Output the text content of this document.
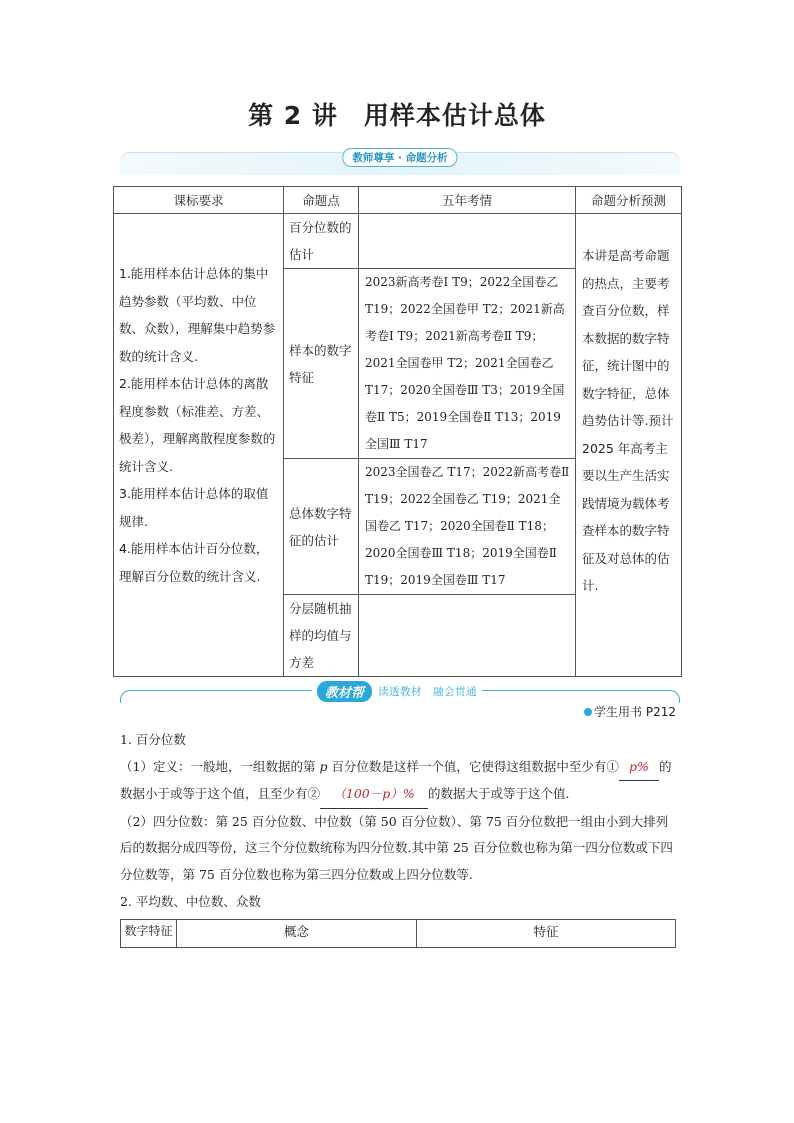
第 2 讲　用样本估计总体
教师尊享 · 命题分析
课标要求	命题点	五年考情	命题分析预测

1.能用样本估计总体的集中趋势参数（平均数、中位数、众数），理解集中趋势参数的统计含义.
2.能用样本估计总体的离散程度参数（标准差、方差、极差），理解离散程度参数的统计含义.
3.能用样本估计总体的取值规律.
4.能用样本估计百分位数，理解百分位数的统计含义.	百分位数的估计		本讲是高考命题的热点，主要考查百分位数，样本数据的数字特征，统计图中的数字特征，总体趋势估计等.预计 2025 年高考主要以生产生活实践情境为载体考查样本的数字特征及对总体的估计.
	样本的数字特征	2023新高考卷Ⅰ T9；2022全国卷乙 T19；2022全国卷甲 T2；2021新高考卷Ⅰ T9；2021新高考卷Ⅱ T9；2021全国卷甲 T2；2021全国卷乙 T17；2020全国卷Ⅲ T3；2019全国卷Ⅱ T5；2019全国卷Ⅱ T13；2019全国Ⅲ T17	
	总体数字特征的估计	2023全国卷乙 T17；2022新高考卷Ⅱ T19；2022全国卷乙 T19；2021全国卷乙 T17；2020全国卷Ⅱ T18；2020全国卷Ⅲ T18；2019全国卷Ⅱ T19；2019全国卷Ⅲ T17	
	分层随机抽样的均值与方差		
教材帮	读透教材　融会贯通
学生用书 P212

1. 百分位数

（1）定义：一般地，一组数据的第 p 百分位数是这样一个值，它使得这组数据中至少有① p% 的数据小于或等于这个值，且至少有② （100－p）% 的数据大于或等于这个值.

（2）四分位数：第 25 百分位数、中位数（第 50 百分位数）、第 75 百分位数把一组由小到大排列后的数据分成四等份，这三个分位数统称为四分位数.其中第 25 百分位数也称为第一四分位数或下四分位数等，第 75 百分位数也称为第三四分位数或上四分位数等.

2. 平均数、中位数、众数

数字特征	概念	特征
